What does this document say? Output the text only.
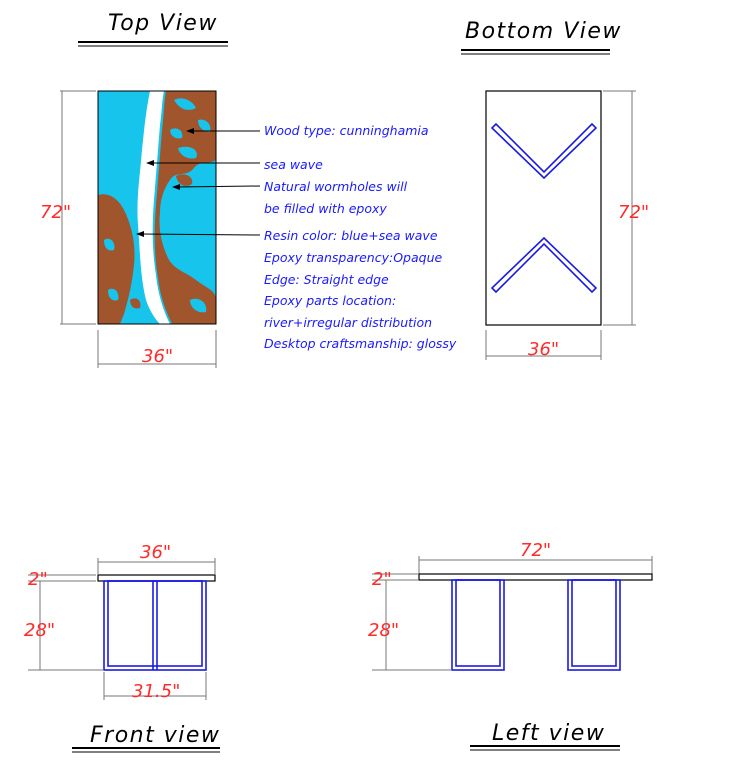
Top View
Wood type: cunninghamia
sea wave
Natural wormholes will
be filled with epoxy
Resin color: blue+sea wave
Epoxy transparency:Opaque
Edge: Straight edge
Epoxy parts location:
river+irregular distribution
Desktop craftsmanship: glossy
72"
36"
Bottom View
72"
36"
36"
2"
28"
31.5"
Front view
72"
2"
28"
Left view
